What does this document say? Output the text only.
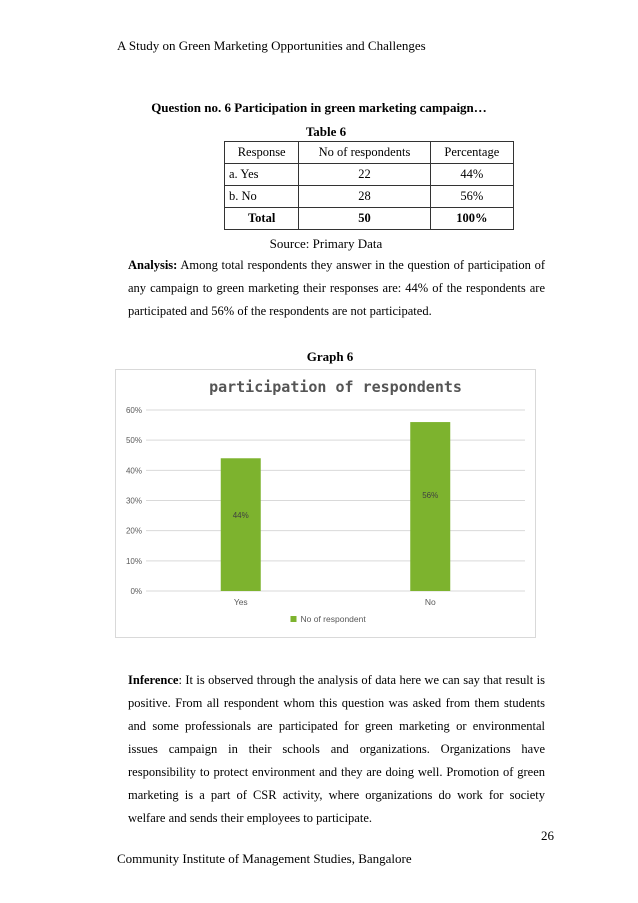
A Study on Green Marketing Opportunities and Challenges
Question no. 6 Participation in green marketing campaign…
Table 6
Response	No of respondents	Percentage
a. Yes	22	44%
b. No	28	56%
Total	50	100%
Source: Primary Data
Analysis: Among total respondents they answer in the question of participation of any campaign to green marketing their responses are: 44% of the respondents are participated and 56% of the respondents are not participated.
Graph 6
participation of respondents
0%
10%
20%
30%
40%
50%
60%
44%
Yes
56%
No
No of respondent
Inference: It is observed through the analysis of data here we can say that result is positive. From all respondent whom this question was asked from them students and some professionals are participated for green marketing or environmental issues campaign in their schools and organizations. Organizations have responsibility to protect environment and they are doing well. Promotion of green marketing is a part of CSR activity, where organizations do work for society welfare and sends their employees to participate.
26
Community Institute of Management Studies, Bangalore
